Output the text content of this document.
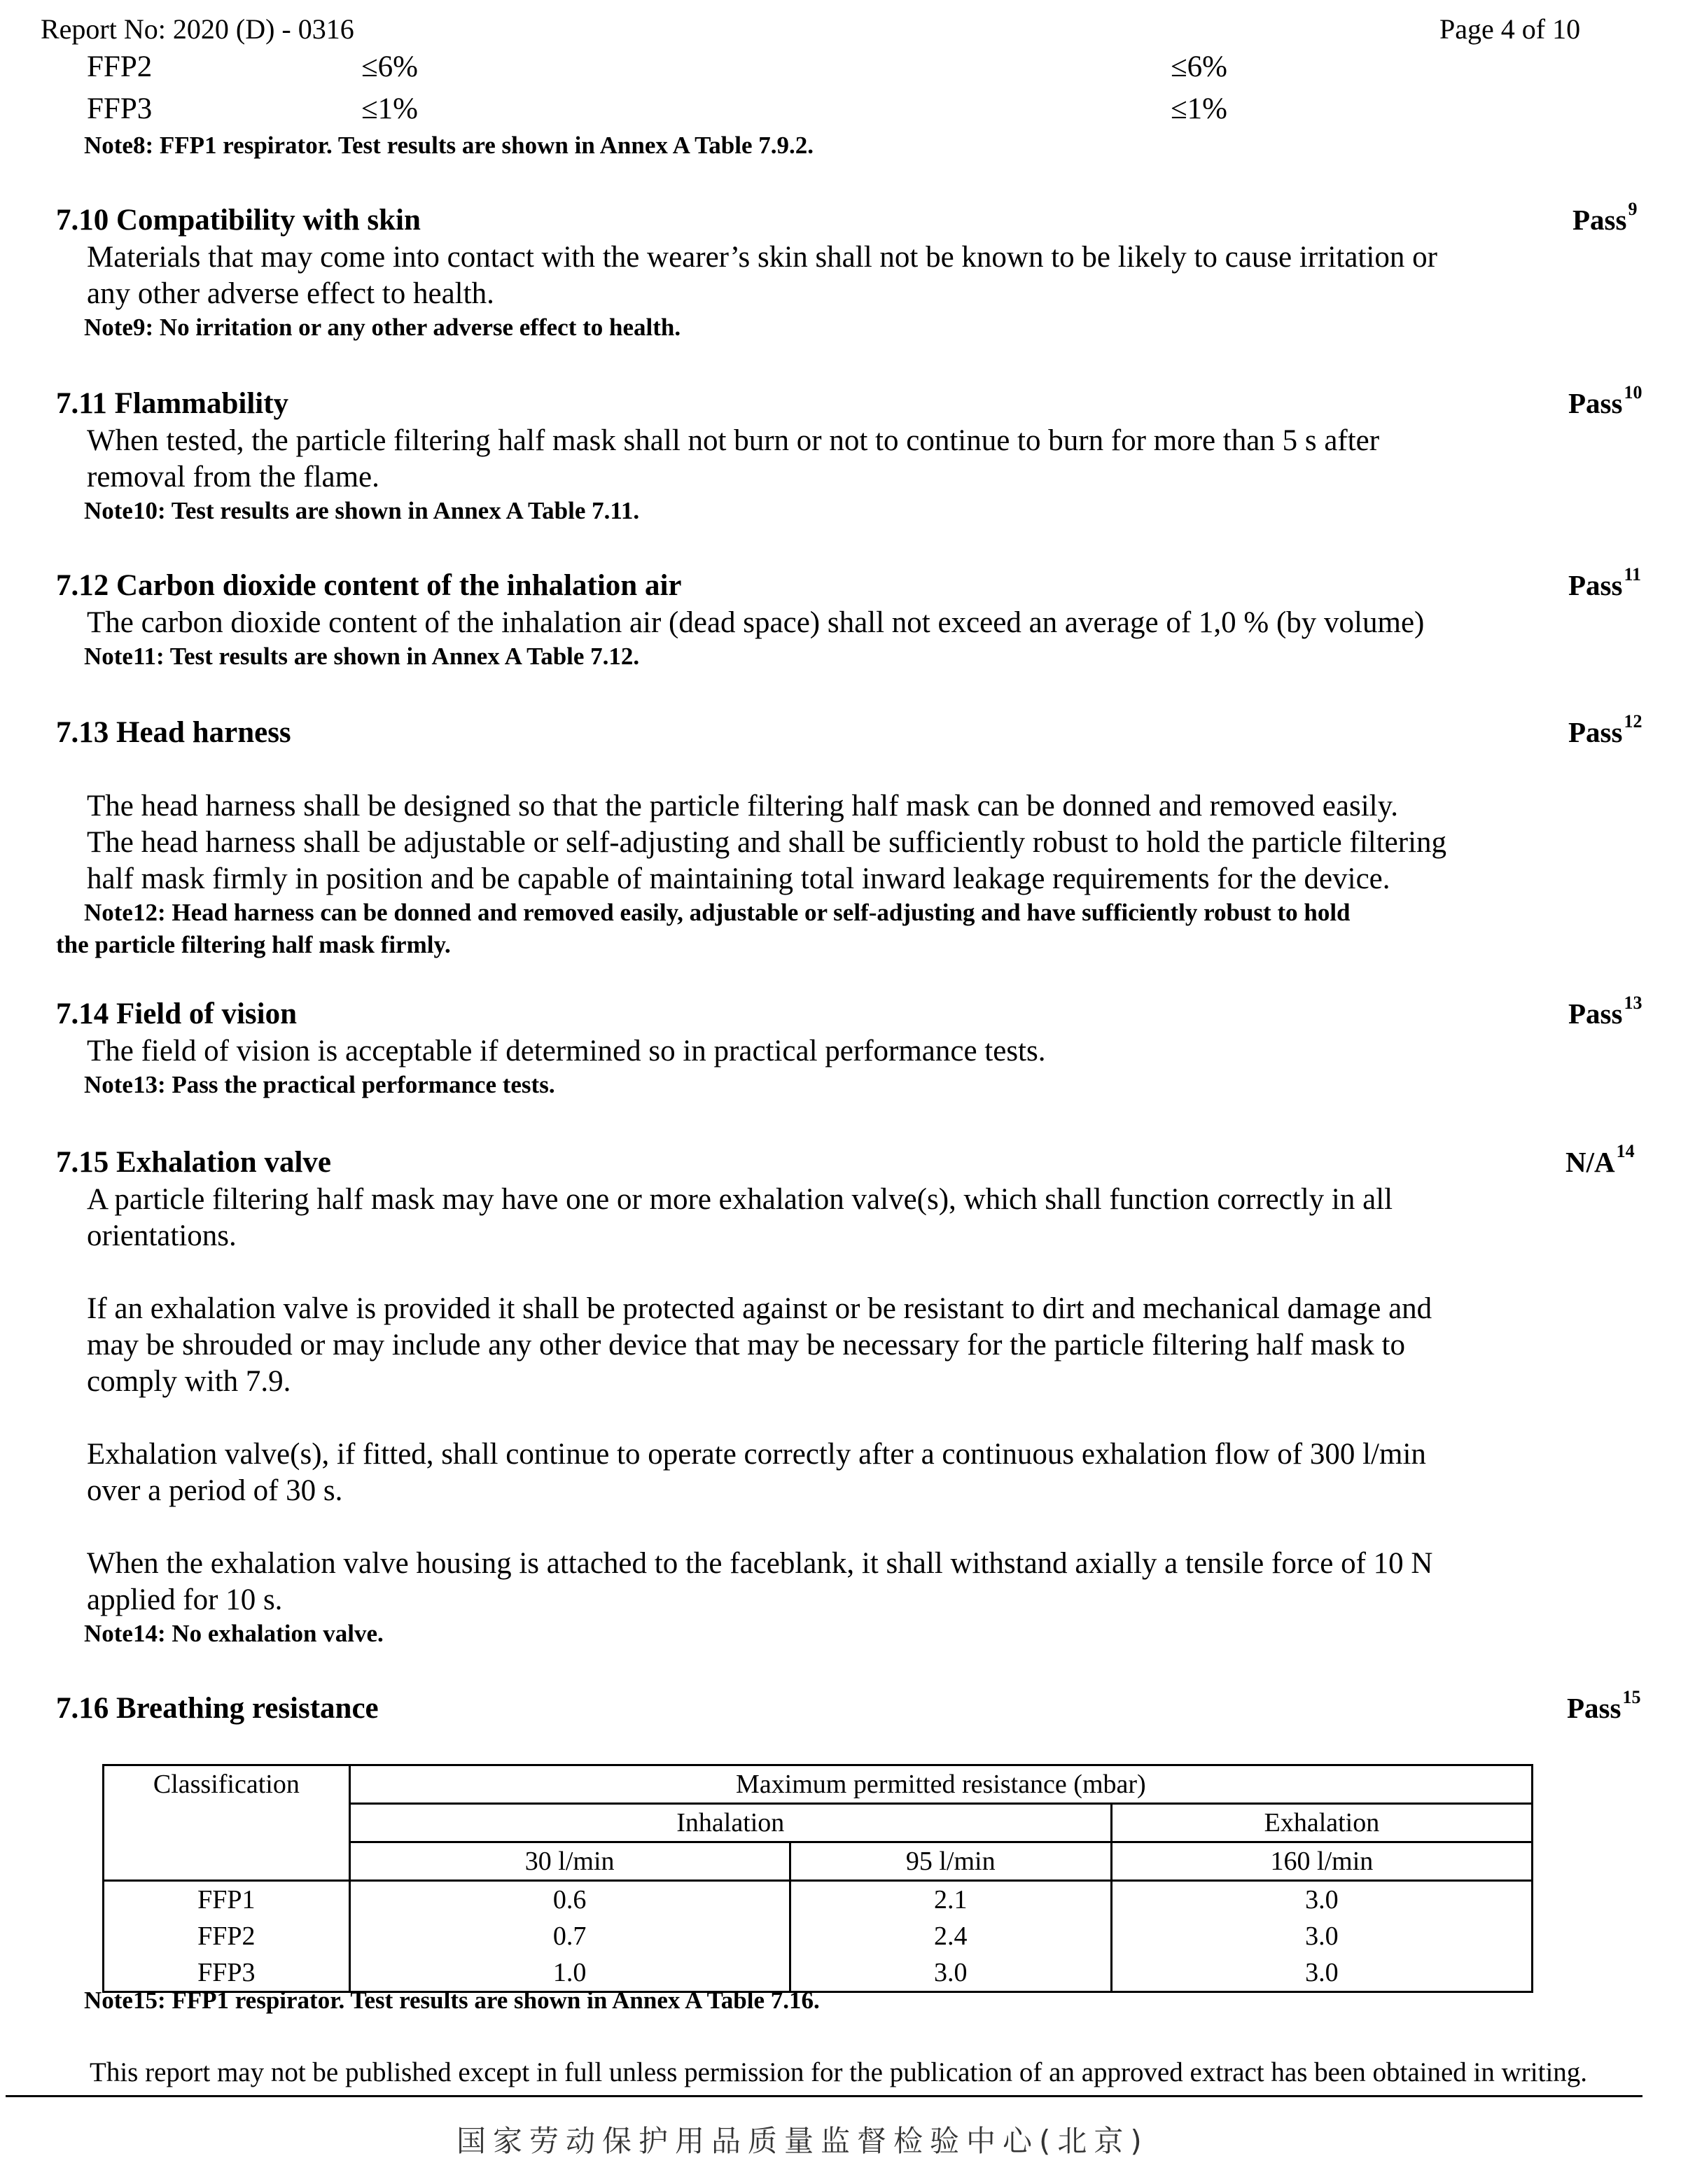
Report No: 2020 (D) - 0316	Page 4 of 10
FFP2	≤6%	≤6%
FFP3	≤1%	≤1%
Note8: FFP1 respirator. Test results are shown in Annex A Table 7.9.2.
7.10 Compatibility with skin	Pass$^9$
Materials that may come into contact with the wearer’s skin shall not be known to be likely to cause irritation or
any other adverse effect to health.
Note9: No irritation or any other adverse effect to health.
7.11 Flammability	Pass$^{10}$
When tested, the particle filtering half mask shall not burn or not to continue to burn for more than 5 s after
removal from the flame.
Note10: Test results are shown in Annex A Table 7.11.
7.12 Carbon dioxide content of the inhalation air	Pass$^{11}$
The carbon dioxide content of the inhalation air (dead space) shall not exceed an average of 1,0 % (by volume)
Note11: Test results are shown in Annex A Table 7.12.
7.13 Head harness	Pass$^{12}$
The head harness shall be designed so that the particle filtering half mask can be donned and removed easily.
The head harness shall be adjustable or self-adjusting and shall be sufficiently robust to hold the particle filtering
half mask firmly in position and be capable of maintaining total inward leakage requirements for the device.
Note12: Head harness can be donned and removed easily, adjustable or self-adjusting and have sufficiently robust to hold
the particle filtering half mask firmly.
7.14 Field of vision	Pass$^{13}$
The field of vision is acceptable if determined so in practical performance tests.
Note13: Pass the practical performance tests.
7.15 Exhalation valve	$N/A^{14}$
A particle filtering half mask may have one or more exhalation valve(s), which shall function correctly in all
orientations.
If an exhalation valve is provided it shall be protected against or be resistant to dirt and mechanical damage and
may be shrouded or may include any other device that may be necessary for the particle filtering half mask to
comply with 7.9.
Exhalation valve(s), if fitted, shall continue to operate correctly after a continuous exhalation flow of 300 l/min
over a period of 30 s.
When the exhalation valve housing is attached to the faceblank, it shall withstand axially a tensile force of 10 N
applied for 10 s.
Note14: No exhalation valve.
7.16 Breathing resistance	Pass$^{15}$
Classification	Maximum permitted resistance (mbar)		
	Inhalation		Exhalation
	30 l/min	95 l/min	160 l/min
FFP1	0.6	2.1	3.0
FFP2	0.7	2.4	3.0
FFP3	1.0	3.0	3.0
Note15: FFP1 respirator. Test results are shown in Annex A Table 7.16.
This report may not be published except in full unless permission for the publication of an approved extract has been obtained in writing.
国家劳动保护用品质量监督检验中心(北京)
